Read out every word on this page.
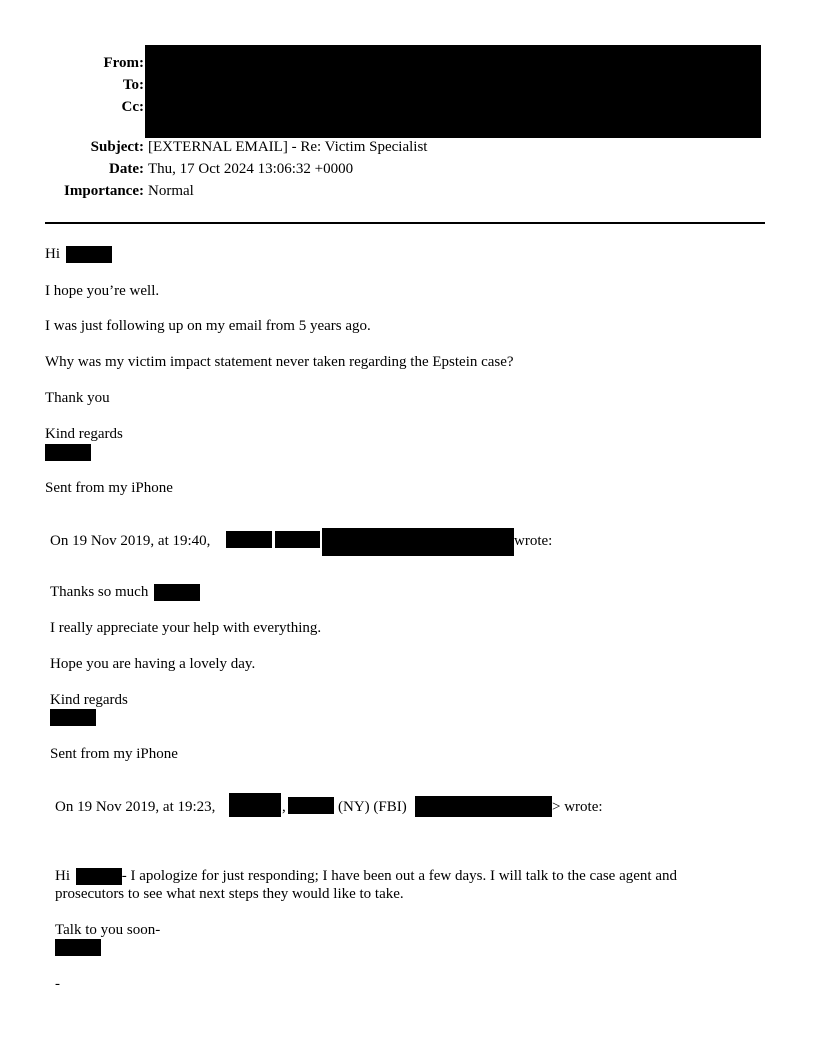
From:
To:
Cc:
Subject: [EXTERNAL EMAIL] - Re: Victim Specialist
Date: Thu, 17 Oct 2024 13:06:32 +0000
Importance: Normal
Hi
I hope you’re well.
I was just following up on my email from 5 years ago.
Why was my victim impact statement never taken regarding the Epstein case?
Thank you
Kind regards
Sent from my iPhone
On 19 Nov 2019, at 19:40,	wrote:
Thanks so much
I really appreciate your help with everything.
Hope you are having a lovely day.
Kind regards
Sent from my iPhone
On 19 Nov 2019, at 19:23,	,	(NY) (FBI)	> wrote:
Hi	- I apologize for just responding; I have been out a few days. I will talk to the case agent and
prosecutors to see what next steps they would like to take.
Talk to you soon-
-
